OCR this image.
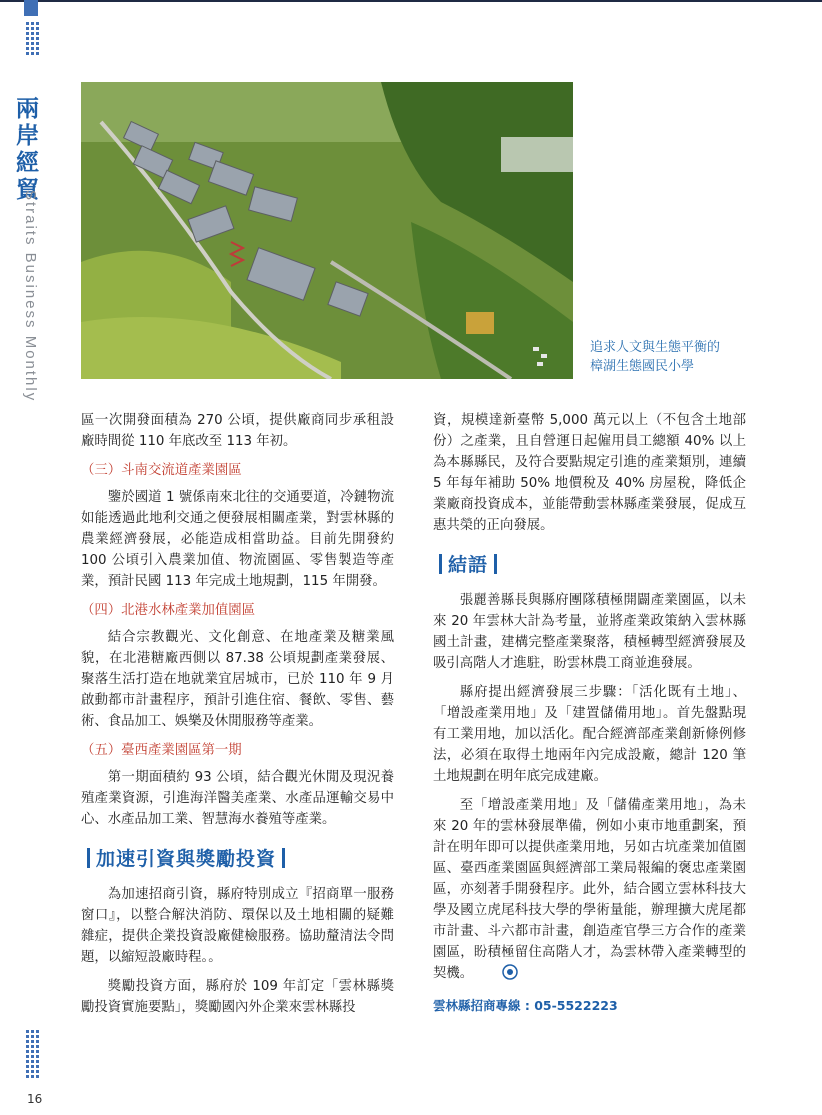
兩岸經貿
Straits Business Monthly
16
追求人文與生態平衡的
樟湖生態國民小學

區一次開發面積為 270 公頃，提供廠商同步承租設廠時間從 110 年底改至 113 年初。

（三）斗南交流道產業園區

鑒於國道 1 號係南來北往的交通要道，冷鏈物流如能透過此地利交通之便發展相關產業，對雲林縣的農業經濟發展，必能造成相當助益。目前先開發約 100 公頃引入農業加值、物流園區、零售製造等產業，預計民國 113 年完成土地規劃，115 年開發。

（四）北港水林產業加值園區

結合宗教觀光、文化創意、在地產業及糖業風貌，在北港糖廠西側以 87.38 公頃規劃產業發展、聚落生活打造在地就業宜居城市，已於 110 年 9 月啟動都市計畫程序，預計引進住宿、餐飲、零售、藝術、食品加工、娛樂及休閒服務等產業。

（五）臺西產業園區第一期

第一期面積約 93 公頃，結合觀光休閒及現況養殖產業資源，引進海洋醫美產業、水產品運輸交易中心、水產品加工業、智慧海水養殖等產業。

加速引資與獎勵投資

為加速招商引資，縣府特別成立『招商單一服務窗口』，以整合解決消防、環保以及土地相關的疑難雜症，提供企業投資設廠健檢服務。協助釐清法令問題，以縮短設廠時程。。

獎勵投資方面，縣府於 109 年訂定「雲林縣獎勵投資實施要點」，獎勵國內外企業來雲林縣投

資，規模達新臺幣 5,000 萬元以上（不包含土地部份）之產業，且自營運日起僱用員工總額 40% 以上為本縣縣民，及符合要點規定引進的產業類別，連續 5 年每年補助 50% 地價稅及 40% 房屋稅，降低企業廠商投資成本，並能帶動雲林縣產業發展，促成互惠共榮的正向發展。

結語

張麗善縣長與縣府團隊積極開闢產業園區，以未來 20 年雲林大計為考量，並將產業政策納入雲林縣國土計畫，建構完整產業聚落，積極轉型經濟發展及吸引高階人才進駐，盼雲林農工商並進發展。

縣府提出經濟發展三步驟：「活化既有土地」、「增設產業用地」及「建置儲備用地」。首先盤點現有工業用地，加以活化。配合經濟部產業創新條例修法，必須在取得土地兩年內完成設廠，總計 120 筆土地規劃在明年底完成建廠。

至「增設產業用地」及「儲備產業用地」，為未來 20 年的雲林發展準備，例如小東市地重劃案，預計在明年即可以提供產業用地，另如古坑產業加值園區、臺西產業園區與經濟部工業局報編的褒忠產業園區，亦刻著手開發程序。此外，結合國立雲林科技大學及國立虎尾科技大學的學術量能，辦理擴大虎尾都市計畫、斗六都市計畫，創造產官學三方合作的產業園區，盼積極留住高階人才，為雲林帶入產業轉型的契機。

雲林縣招商專線 : 05-5522223
